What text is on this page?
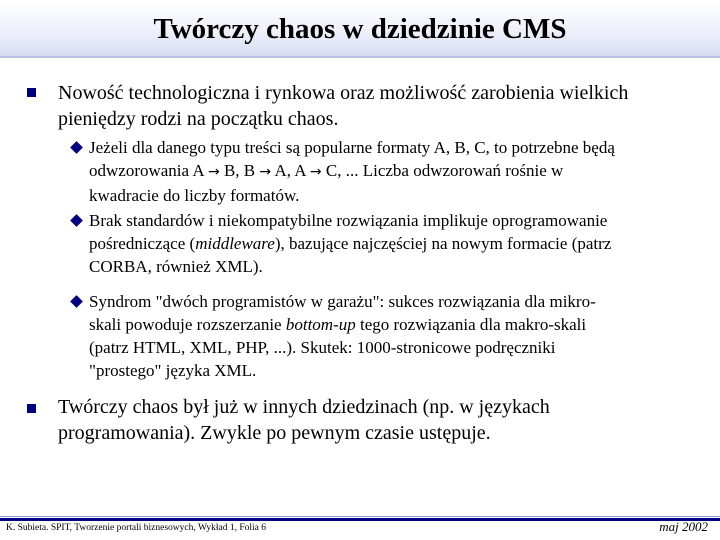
Twórczy chaos w dziedzinie CMS
Nowość technologiczna i rynkowa oraz możliwość zarobienia wielkich
pieniędzy rodzi na początku chaos.
Jeżeli dla danego typu treści są popularne formaty A, B, C, to potrzebne będą
odwzorowania A → B, B → A, A → C, ... Liczba odwzorowań rośnie w
kwadracie do liczby formatów.
Brak standardów i niekompatybilne rozwiązania implikuje oprogramowanie
pośredniczące (middleware), bazujące najczęściej na nowym formacie (patrz
CORBA, również XML).
Syndrom "dwóch programistów w garażu": sukces rozwiązania dla mikro-
skali powoduje rozszerzanie bottom-up tego rozwiązania dla makro-skali
(patrz HTML, XML, PHP, ...). Skutek: 1000-stronicowe podręczniki
"prostego" języka XML.
Twórczy chaos był już w innych dziedzinach (np. w językach
programowania). Zwykle po pewnym czasie ustępuje.
K. Subieta. SPIT, Tworzenie portali biznesowych, Wykład 1, Folia 6	maj 2002
